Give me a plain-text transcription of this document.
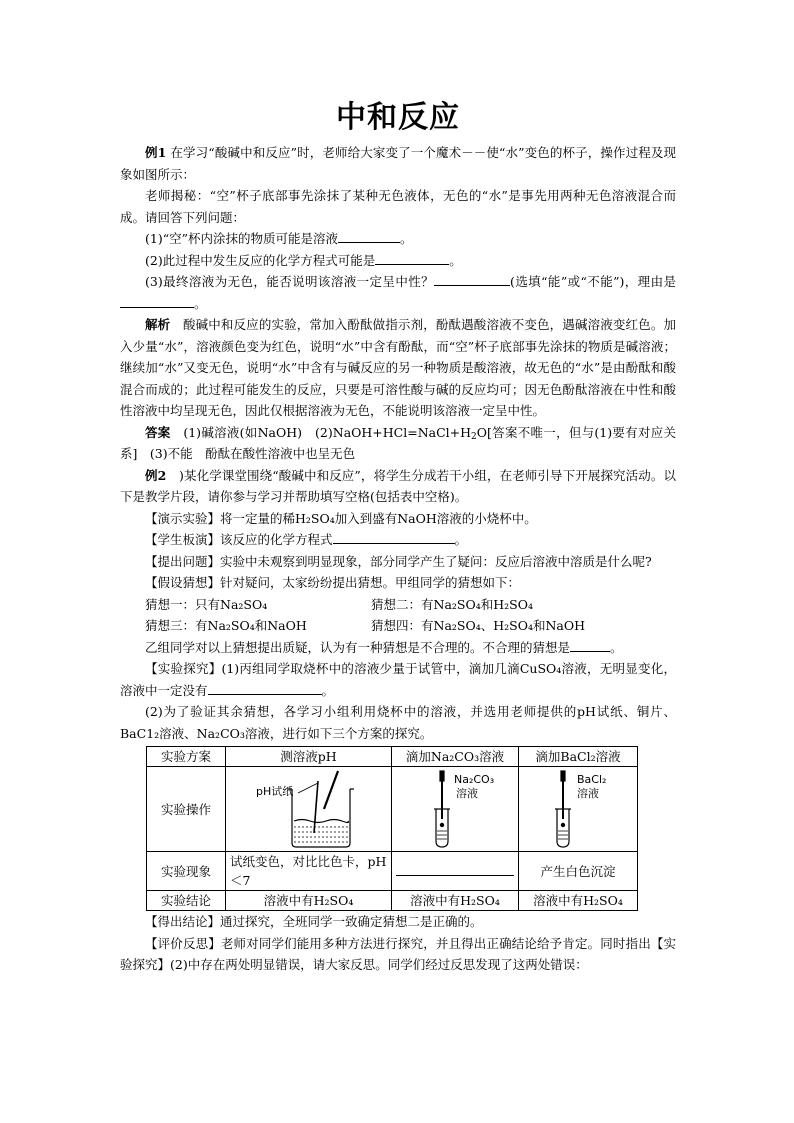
中和反应

例1 在学习“酸碱中和反应”时，老师给大家变了一个魔术－－使“水”变色的杯子，操作过程及现象如图所示：

老师揭秘：“空”杯子底部事先涂抹了某种无色液体，无色的“水”是事先用两种无色溶液混合而成。请回答下列问题：

(1)“空”杯内涂抹的物质可能是溶液	。

(2)此过程中发生反应的化学方程式可能是	。

(3)最终溶液为无色，能否说明该溶液一定呈中性？	(选填“能”或“不能”)，理由是。

解析　 酸碱中和反应的实验，常加入酚酞做指示剂，酚酞遇酸溶液不变色，遇碱溶液变红色。加入少量“水”，溶液颜色变为红色，说明“水”中含有酚酞，而“空”杯子底部事先涂抹的物质是碱溶液；继续加“水”又变无色，说明“水”中含有与碱反应的另一种物质是酸溶液，故无色的“水”是由酚酞和酸混合而成的；此过程可能发生的反应，只要是可溶性酸与碱的反应均可；因无色酚酞溶液在中性和酸性溶液中均呈现无色，因此仅根据溶液为无色，不能说明该溶液一定呈中性。

答案　 (1)碱溶液(如NaOH)　$(2)NaOH+HCl=NaCl+H_2O$[答案不唯一，但与(1)要有对应关系]　(3)不能　酚酞在酸性溶液中也呈无色

例2　 )某化学课堂围绕“酸碱中和反应”，将学生分成若干小组，在老师引导下开展探究活动。以下是教学片段，请你参与学习并帮助填写空格(包括表中空格)。

【演示实验】将一定量的稀H₂SO₄加入到盛有NaOH溶液的小烧杯中。

【学生板演】该反应的化学方程式	。

【提出问题】实验中未观察到明显现象，部分同学产生了疑问：反应后溶液中溶质是什么呢?

【假设猜想】针对疑问，太家纷纷提出猜想。甲组同学的猜想如下：

猜想一：只有Na₂SO₄	猜想二：有Na₂SO₄和H₂SO₄
猜想三：有Na₂SO₄和NaOH	猜想四：有Na₂SO₄、H₂SO₄和NaOH

乙组同学对以上猜想提出质疑，认为有一种猜想是不合理的。不合理的猜想是	。

【实验探究】(1)丙组同学取烧杯中的溶液少量于试管中，滴加几滴CuSO₄溶液，无明显变化，溶液中一定没有	。

(2)为了验证其余猜想，各学习小组利用烧杯中的溶液，并选用老师提供的pH试纸、铜片、BaC1₂溶液、Na₂CO₃溶液，进行如下三个方案的探究。

实验方案	测溶液pH	滴加Na₂CO₃溶液	滴加BaCl₂溶液
实验操作	pH试纸	Na₂CO₃
溶液	BaCl₂
溶液

实验现象	试纸变色，对比比色卡，pH＜7		产生白色沉淀
实验结论	溶液中有H₂SO₄	溶液中有H₂SO₄	溶液中有H₂SO₄

【得出结论】通过探究，全班同学一致确定猜想二是正确的。

【评价反思】老师对同学们能用多种方法进行探究，并且得出正确结论给予肯定。同时指出【实验探究】(2)中存在两处明显错误，请大家反思。同学们经过反思发现了这两处错误：
